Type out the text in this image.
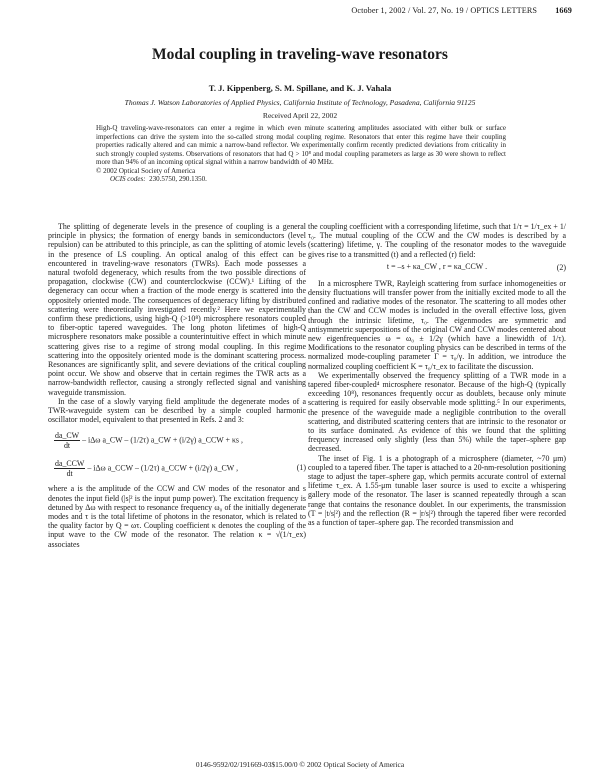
October 1, 2002 / Vol. 27, No. 19 / OPTICS LETTERS 1669
Modal coupling in traveling-wave resonators
T. J. Kippenberg, S. M. Spillane, and K. J. Vahala
Thomas J. Watson Laboratories of Applied Physics, California Institute of Technology, Pasadena, California 91125
Received April 22, 2002
High-Q traveling-wave-resonators can enter a regime in which even minute scattering amplitudes associated with either bulk or surface imperfections can drive the system into the so-called strong modal coupling regime. Resonators that enter this regime have their coupling properties radically altered and can mimic a narrow-band reflector. We experimentally confirm recently predicted deviations from criticality in such strongly coupled systems. Observations of resonators that had Q > 10⁸ and modal coupling parameters as large as 30 were shown to reflect more than 94% of an incoming optical signal within a narrow bandwidth of 40 MHz.
© 2002 Optical Society of America
OCIS codes: 230.5750, 290.1350.

The splitting of degenerate levels in the presence of coupling is a general principle in physics; the formation of energy bands in semiconductors (level repulsion) can be attributed to this principle, as can the splitting of atomic levels in the presence of LS coupling. An optical analog of this effect can be encountered in traveling-wave resonators (TWRs). Each mode possesses a natural twofold degeneracy, which results from the two possible directions of propagation, clockwise (CW) and counterclockwise (CCW).¹ Lifting of the degeneracy can occur when a fraction of the mode energy is scattered into the oppositely oriented mode. The consequences of degeneracy lifting by distributed scattering were theoretically investigated recently.² Here we experimentally confirm these predictions, using high-Q (>10⁸) microsphere resonators coupled to fiber-optic tapered waveguides. The long photon lifetimes of high-Q microsphere resonators make possible a counterintuitive effect in which minute scattering gives rise to a regime of strong modal coupling. In this regime scattering into the oppositely oriented mode is the dominant scattering process. Resonances are significantly split, and severe deviations of the critical coupling point occur. We show and observe that in certain regimes the TWR acts as a narrow-bandwidth reflector, causing a strongly reflected signal and vanishing waveguide transmission.

In the case of a slowly varying field amplitude the degenerate modes of a TWR-waveguide system can be described by a simple coupled harmonic oscillator model, equivalent to that presented in Refs. 2 and 3:

$\frac{da\_CW}{dt}$ – iΔω a_CW – (1/2τ) a_CW + (i/2γ) a_CCW + κs ,
$\frac{\text{da\_CCW}}{dt}$ – iΔω a_CCW – (1/2τ) a_CCW + (i/2γ) a_CW ,	(1)

where a is the amplitude of the CCW and CW modes of the resonator and s denotes the input field (|s|² is the input pump power). The excitation frequency is detuned by Δω with respect to resonance frequency ω₀ of the initially degenerate modes and τ is the total lifetime of photons in the resonator, which is related to the quality factor by Q = ωτ. Coupling coefficient κ denotes the coupling of the input wave to the CW mode of the resonator. The relation κ = √(1/τ_ex) associates

the coupling coefficient with a corresponding lifetime, such that 1/τ = 1/τ_ex + 1/τ₀. The mutual coupling of the CCW and the CW modes is described by a (scattering) lifetime, γ. The coupling of the resonator modes to the waveguide gives rise to a transmitted (t) and a reflected (r) field:

t = –s + κa_CW , r = κa_CCW .	(2)

In a microsphere TWR, Rayleigh scattering from surface inhomogeneities or density fluctuations will transfer power from the initially excited mode to all the confined and radiative modes of the resonator. The scattering to all modes other than the CW and CCW modes is included in the overall effective loss, given through the intrinsic lifetime, τ₀. The eigenmodes are symmetric and antisymmetric superpositions of the original CW and CCW modes centered about new eigenfrequencies ω = ω₀ ± 1/2γ (which have a linewidth of 1/τ). Modifications to the resonator coupling physics can be described in terms of the normalized mode-coupling parameter Γ = τ₀/γ. In addition, we introduce the normalized coupling coefficient K = τ₀/τ_ex to facilitate the discussion.

We experimentally observed the frequency splitting of a TWR mode in a tapered fiber-coupled⁴ microsphere resonator. Because of the high-Q (typically exceeding 10⁸), resonances frequently occur as doublets, because only minute scattering is required for easily observable mode splitting.⁵ In our experiments, the presence of the waveguide made a negligible contribution to the overall scattering, and distributed scattering centers that are intrinsic to the resonator or to its surface dominated. As evidence of this we found that the splitting frequency increased only slightly (less than 5%) while the taper–sphere gap decreased.

The inset of Fig. 1 is a photograph of a microsphere (diameter, ~70 μm) coupled to a tapered fiber. The taper is attached to a 20-nm-resolution positioning stage to adjust the taper–sphere gap, which permits accurate control of external lifetime τ_ex. A 1.55-μm tunable laser source is used to excite a whispering gallery mode of the resonator. The laser is scanned repeatedly through a scan range that contains the resonance doublet. In our experiments, the transmission (T = |t/s|²) and the reflection (R = |r/s|²) through the tapered fiber were recorded as a function of taper–sphere gap. The recorded transmission and

0146-9592/02/191669-03$15.00/0 © 2002 Optical Society of America
